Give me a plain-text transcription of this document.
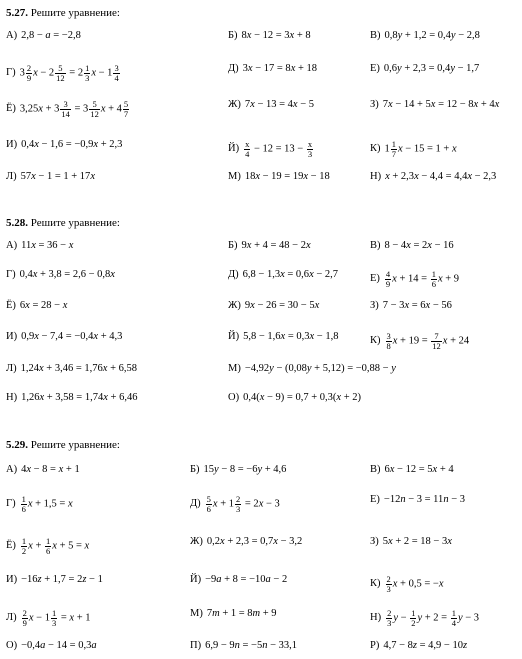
5.27. Решите уравнение:
А) 2,8 − a = −2,8	Б) 8x − 12 = 3x + 8	В) 0,8y + 1,2 = 0,4y − 2,8
Г) $3 \frac{2}{9}$ $x - 2 \frac{5}{12} = 2 \frac{1}{3}$ $x - 1 \frac{3}{4}$	Д) 3x − 17 = 8x + 18	Е) 0,6y + 2,3 = 0,4y − 1,7
Ё) $3,25x + 3 \frac{3}{14} = 3 \frac{5}{12}$ $x + 4 \frac{5}{7}$	Ж) 7x − 13 = 4x − 5	З) 7x − 14 + 5x = 12 − 8x + 4x
И) 0,4x − 1,6 = −0,9x + 2,3	$Й) \frac{x}{4} - 12 = 13 - \frac{x}{3}$	К) $1 \frac{1}{7}$ x − 15 = 1 + x
Л) 57x − 1 = 1 + 17x	М) 18x − 19 = 19x − 18	Н) x + 2,3x − 4,4 = 4,4x − 2,3
5.28. Решите уравнение:
А) 11x = 36 − x	Б) 9x + 4 = 48 − 2x	В) 8 − 4x = 2x − 16
Г) 0,4x + 3,8 = 2,6 − 0,8x	Д) 6,8 − 1,3x = 0,6x − 2,7	$Е) \frac{4}{9}$ $x + 14 = \frac{1}{6}$ x + 9
Ё) 6x = 28 − x	Ж) 9x − 26 = 30 − 5x	З) 7 − 3x = 6x − 56
И) 0,9x − 7,4 = −0,4x + 4,3	Й) 5,8 − 1,6x = 0,3x − 1,8	$К) \frac{3}{8}$ $x + 19 = \frac{7}{12}$ x + 24
Л) 1,24x + 3,46 = 1,76x + 6,58	М) −4,92y − (0,08y + 5,12) = −0,88 − y
Н) 1,26x + 3,58 = 1,74x + 6,46	О) 0,4(x − 9) = 0,7 + 0,3(x + 2)
5.29. Решите уравнение:
А) 4x − 8 = x + 1	Б) 15y − 8 = −6y + 4,6	В) 6x − 12 = 5x + 4
$Г) \frac{1}{6}$ x + 1,5 = x	$Д) \frac{5}{6}$ $x + 1 \frac{2}{3} = 2x - 3$	Е) −12n − 3 = 11n − 3
$Ё) \frac{1}{2}$ $x + \frac{1}{6}$ x + 5 = x	Ж) 0,2x + 2,3 = 0,7x − 3,2	З) 5x + 2 = 18 − 3x
И) −16z + 1,7 = 2z − 1	Й) −9a + 8 = −10a − 2	$К) \frac{2}{3}$ x + 0,5 = −x
$Л) \frac{2}{9}$ $x - 1 \frac{1}{3} = x + 1$	М) 7m + 1 = 8m + 9	$Н) \frac{2}{3}$ $y - \frac{1}{2}$ $y + 2 = \frac{1}{4}$ y − 3
О) −0,4a − 14 = 0,3a	П) 6,9 − 9n = −5n − 33,1	Р) 4,7 − 8z = 4,9 − 10z
